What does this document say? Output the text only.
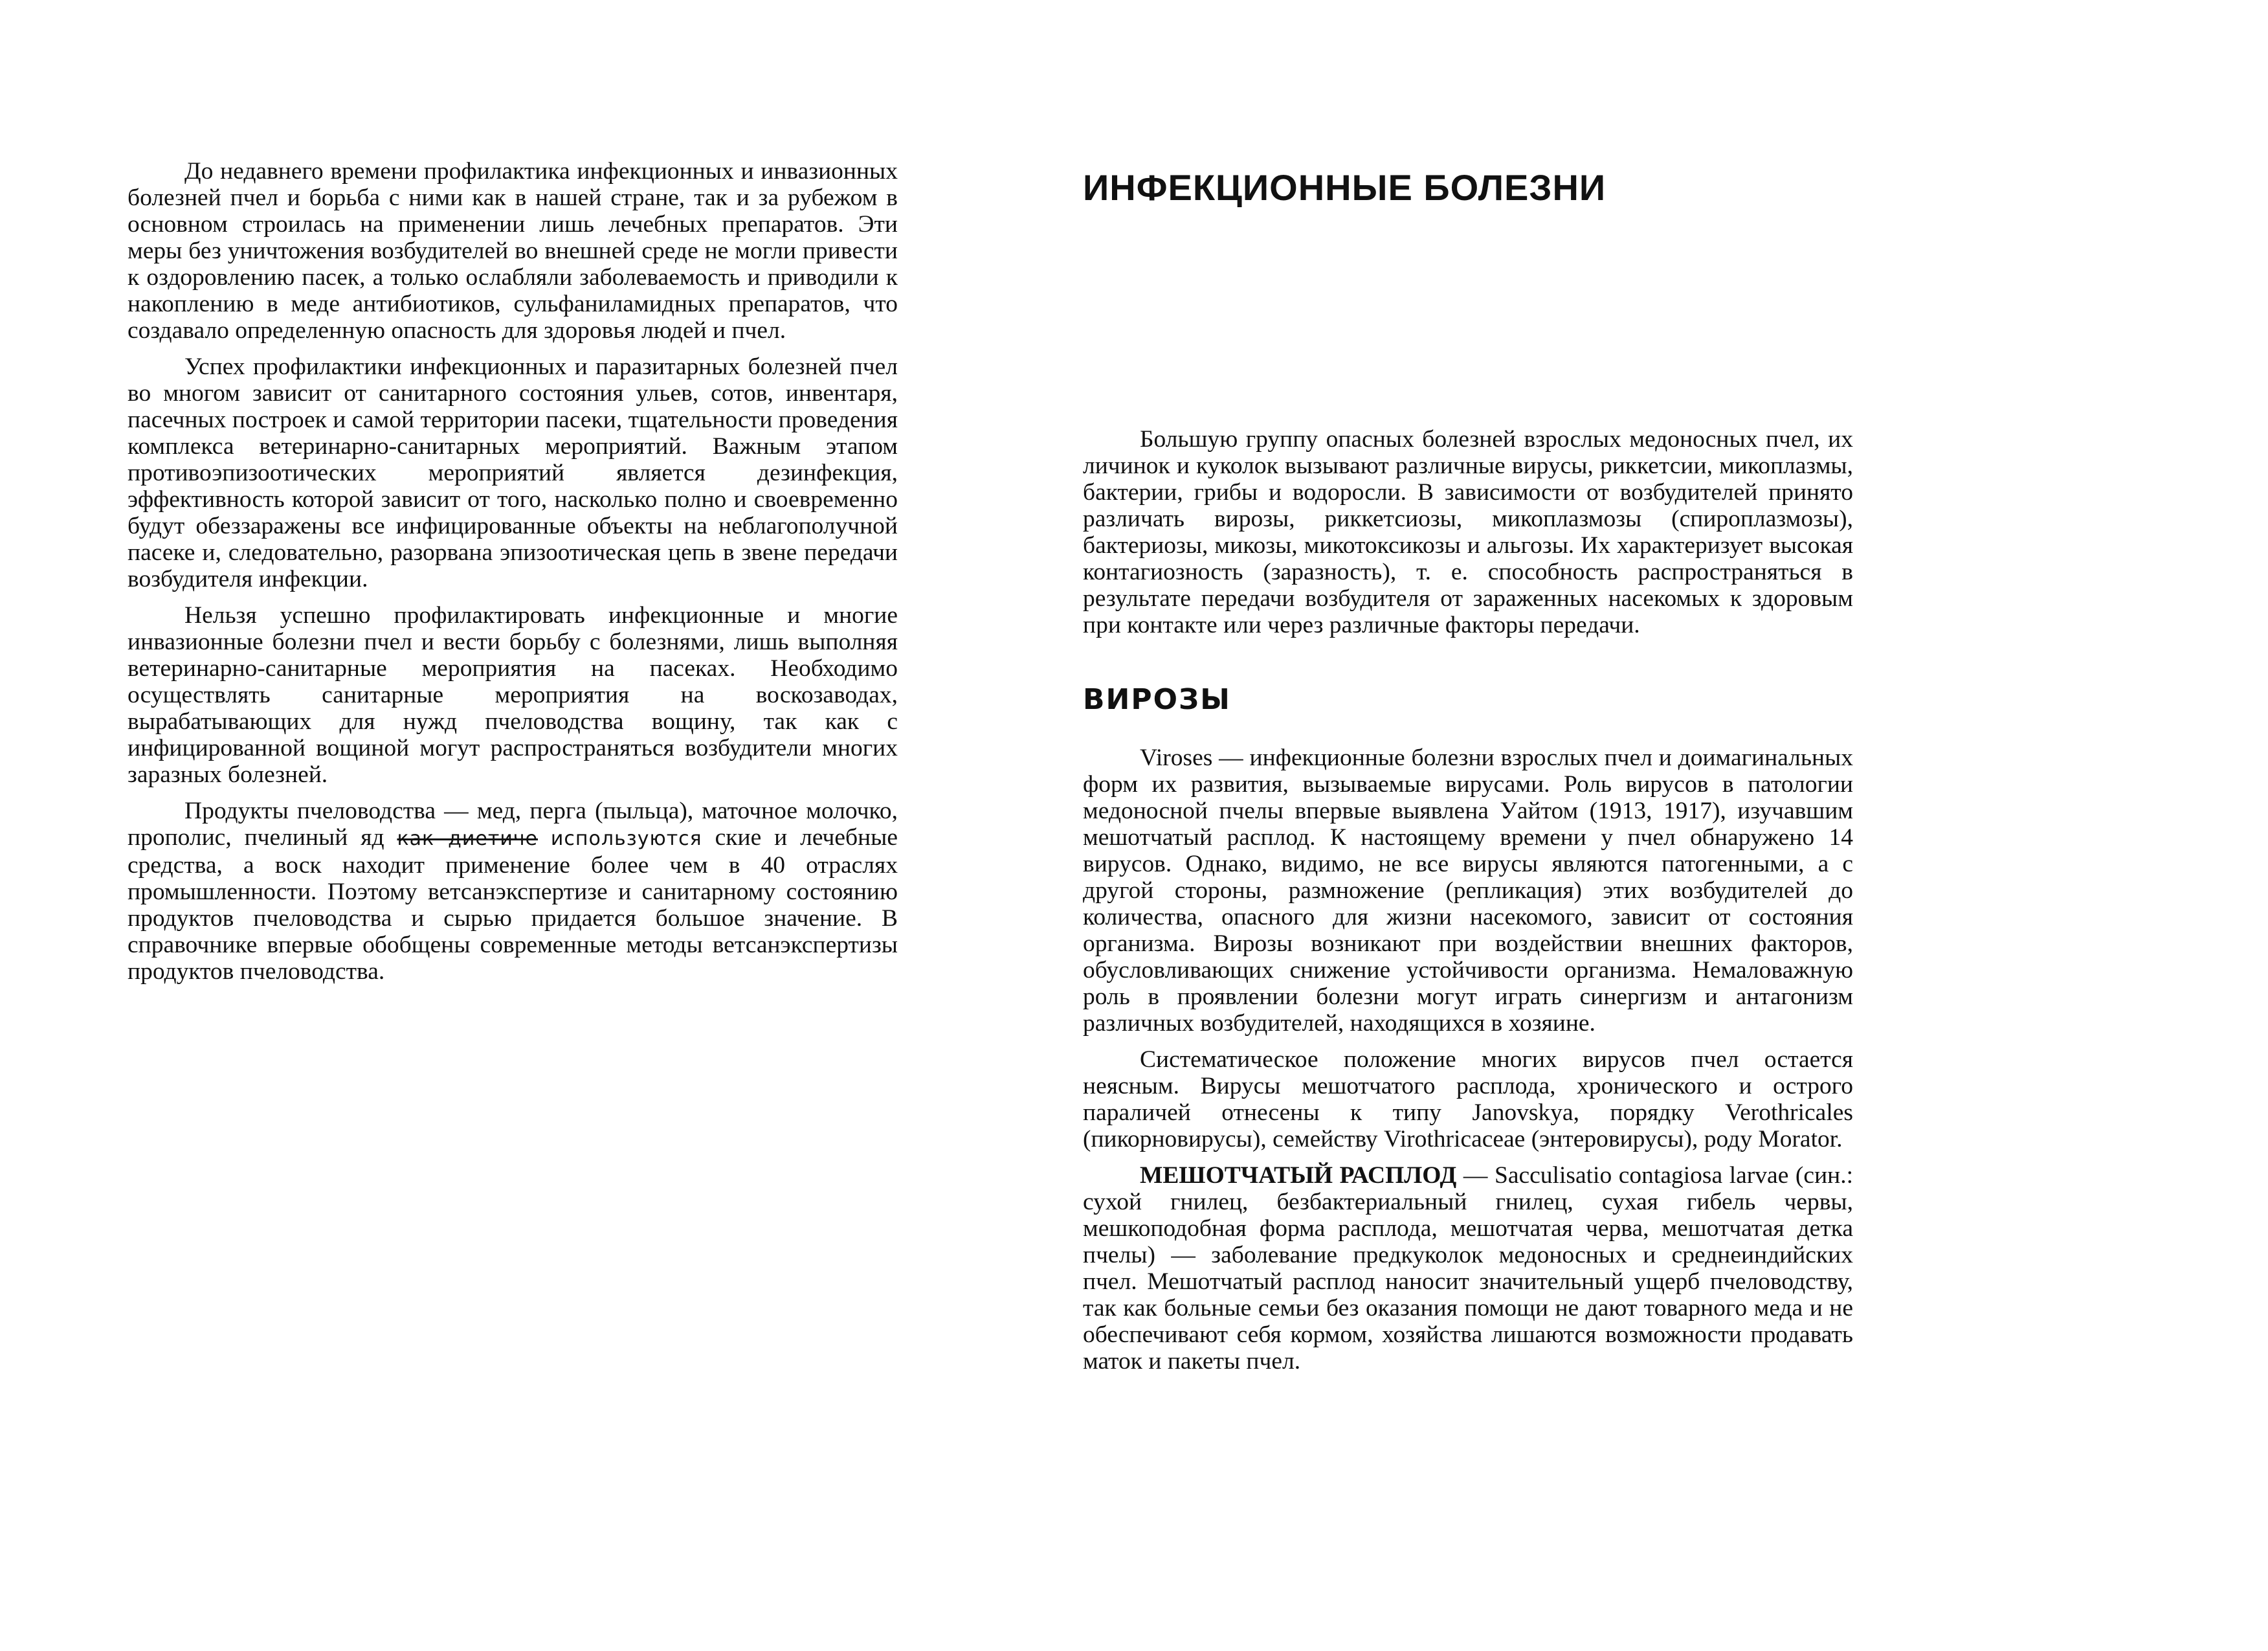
До недавнего времени профилактика инфекционных и инвазионных болезней пчел и борьба с ними как в нашей стране, так и за рубежом в основном строилась на применении лишь лечебных препаратов. Эти меры без уничтожения возбудителей во внешней среде не могли привести к оздоровлению пасек, а только ослабляли заболеваемость и приводили к накоплению в меде антибиотиков, сульфаниламидных препаратов, что создавало определенную опасность для здоровья людей и пчел.

Успех профилактики инфекционных и паразитарных болезней пчел во многом зависит от санитарного состояния ульев, сотов, инвентаря, пасечных построек и самой территории пасеки, тщательности проведения комплекса ветеринарно-санитарных мероприятий. Важным этапом противоэпизоотических мероприятий является дезинфекция, эффективность которой зависит от того, насколько полно и своевременно будут обеззаражены все инфицированные объекты на неблагополучной пасеке и, следовательно, разорвана эпизоотическая цепь в звене передачи возбудителя инфекции.

Нельзя успешно профилактировать инфекционные и многие инвазионные болезни пчел и вести борьбу с болезнями, лишь выполняя ветеринарно-санитарные мероприятия на пасеках. Необходимо осуществлять санитарные мероприятия на воскозаводах, вырабатывающих для нужд пчеловодства вощину, так как с инфицированной вощиной могут распространяться возбудители многих заразных болезней.

Продукты пчеловодства — мед, перга (пыльца), маточное молочко, прополис, пчелиный яд как диетиче используются ские и лечебные средства, а воск находит применение более чем в 40 отраслях промышленности. Поэтому ветсанэкспертизе и санитарному состоянию продуктов пчеловодства и сырью придается большое значение. В справочнике впервые обобщены современные методы ветсанэкспертизы продуктов пчеловодства.

ИНФЕКЦИОННЫЕ БОЛЕЗНИ

Большую группу опасных болезней взрослых медоносных пчел, их личинок и куколок вызывают различные вирусы, риккетсии, микоплазмы, бактерии, грибы и водоросли. В зависимости от возбудителей принято различать вирозы, риккетсиозы, микоплазмозы (спироплазмозы), бактериозы, микозы, микотоксикозы и альгозы. Их характеризует высокая контагиозность (заразность), т. е. способность распространяться в результате передачи возбудителя от зараженных насекомых к здоровым при контакте или через различные факторы передачи.

ВИРОЗЫ

Viroses — инфекционные болезни взрослых пчел и доимагинальных форм их развития, вызываемые вирусами. Роль вирусов в патологии медоносной пчелы впервые выявлена Уайтом (1913, 1917), изучавшим мешотчатый расплод. К настоящему времени у пчел обнаружено 14 вирусов. Однако, видимо, не все вирусы являются патогенными, а с другой стороны, размножение (репликация) этих возбудителей до количества, опасного для жизни насекомого, зависит от состояния организма. Вирозы возникают при воздействии внешних факторов, обусловливающих снижение устойчивости организма. Немаловажную роль в проявлении болезни могут играть синергизм и антагонизм различных возбудителей, находящихся в хозяине.

Систематическое положение многих вирусов пчел остается неясным. Вирусы мешотчатого расплода, хронического и острого параличей отнесены к типу Janovskya, порядку Verothricales (пикорновирусы), семейству Virothricaceae (энтеровирусы), роду Morator.

МЕШОТЧАТЫЙ РАСПЛОД — Sacculisatio contagiosa larvae (син.: сухой гнилец, безбактериальный гнилец, сухая гибель червы, мешкоподобная форма расплода, мешотчатая черва, мешотчатая детка пчелы) — заболевание предкуколок медоносных и среднеиндийских пчел. Мешотчатый расплод наносит значительный ущерб пчеловодству, так как больные семьи без оказания помощи не дают товарного меда и не обеспечивают себя кормом, хозяйства лишаются возможности продавать маток и пакеты пчел.
